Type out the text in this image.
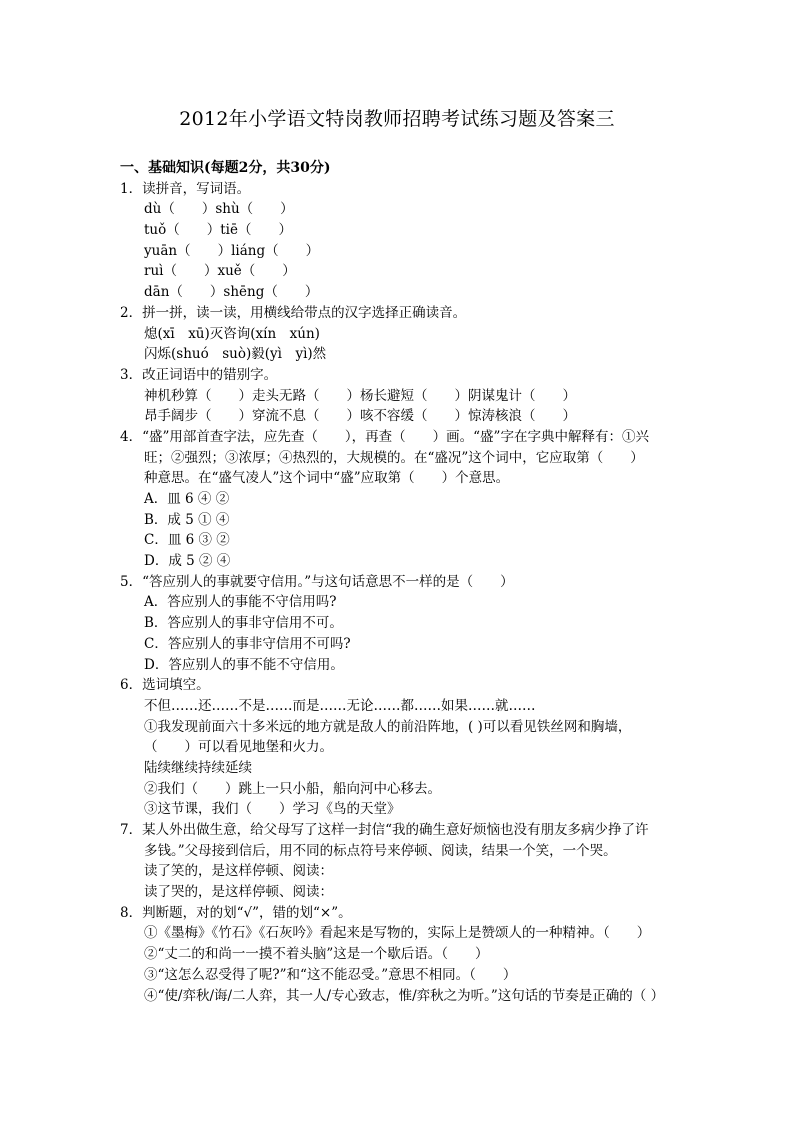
2012年小学语文特岗教师招聘考试练习题及答案三
一、基础知识(每题2分，共30分)
1．读拼音，写词语。
dù（　　）shù（　　）
tuǒ（　　）tiē（　　）
yuān（　　）liáng（　　）
ruì（　　）xuě（　　）
dān（　　）shēng（　　）
2．拼一拼，读一读，用横线给带点的汉字选择正确读音。
熄(xī　xū)灭咨询(xín　xún)
闪烁(shuó　suò)毅(yì　yì)然
3．改正词语中的错别字。
神机秒算（　　）走头无路（　　）杨长避短（　　）阴谋鬼计（　　）
昂手阔步（　　）穿流不息（　　）咳不容缓（　　）惊涛核浪（　　）
4．“盛”用部首查字法，应先查（　　），再查（　　）画。“盛”字在字典中解释有：①兴
旺；②强烈；③浓厚；④热烈的，大规模的。在“盛况”这个词中，它应取第（　　）
种意思。在“盛气凌人”这个词中“盛”应取第（　　）个意思。
A．皿 6 ④ ②
B．成 5 ① ④
C．皿 6 ③ ②
D．成 5 ② ④
5．“答应别人的事就要守信用。”与这句话意思不一样的是（　　）
A．答应别人的事能不守信用吗?
B．答应别人的事非守信用不可。
C．答应别人的事非守信用不可吗?
D．答应别人的事不能不守信用。
6．选词填空。
不但……还……不是……而是……无论……都……如果……就……
①我发现前面六十多米远的地方就是敌人的前沿阵地，( )可以看见铁丝网和胸墙，
（　　）可以看见地堡和火力。
陆续继续持续延续
②我们（　　）跳上一只小船，船向河中心移去。
③这节课，我们（　　）学习《鸟的天堂》
7．某人外出做生意，给父母写了这样一封信“我的确生意好烦恼也没有朋友多病少挣了许
多钱。”父母接到信后，用不同的标点符号来停顿、阅读，结果一个笑，一个哭。
读了笑的，是这样停顿、阅读：
读了哭的，是这样停顿、阅读：
8．判断题，对的划“√”，错的划“×”。
①《墨梅》《竹石》《石灰吟》看起来是写物的，实际上是赞颂人的一种精神。（　　）
②“丈二的和尚一一摸不着头脑”这是一个歇后语。（　　）
③“这怎么忍受得了呢?”和“这不能忍受。”意思不相同。（　　）
④“使/弈秋/诲/二人弈，其一人/专心致志，惟/弈秋之为听。”这句话的节奏是正确的（ ）
